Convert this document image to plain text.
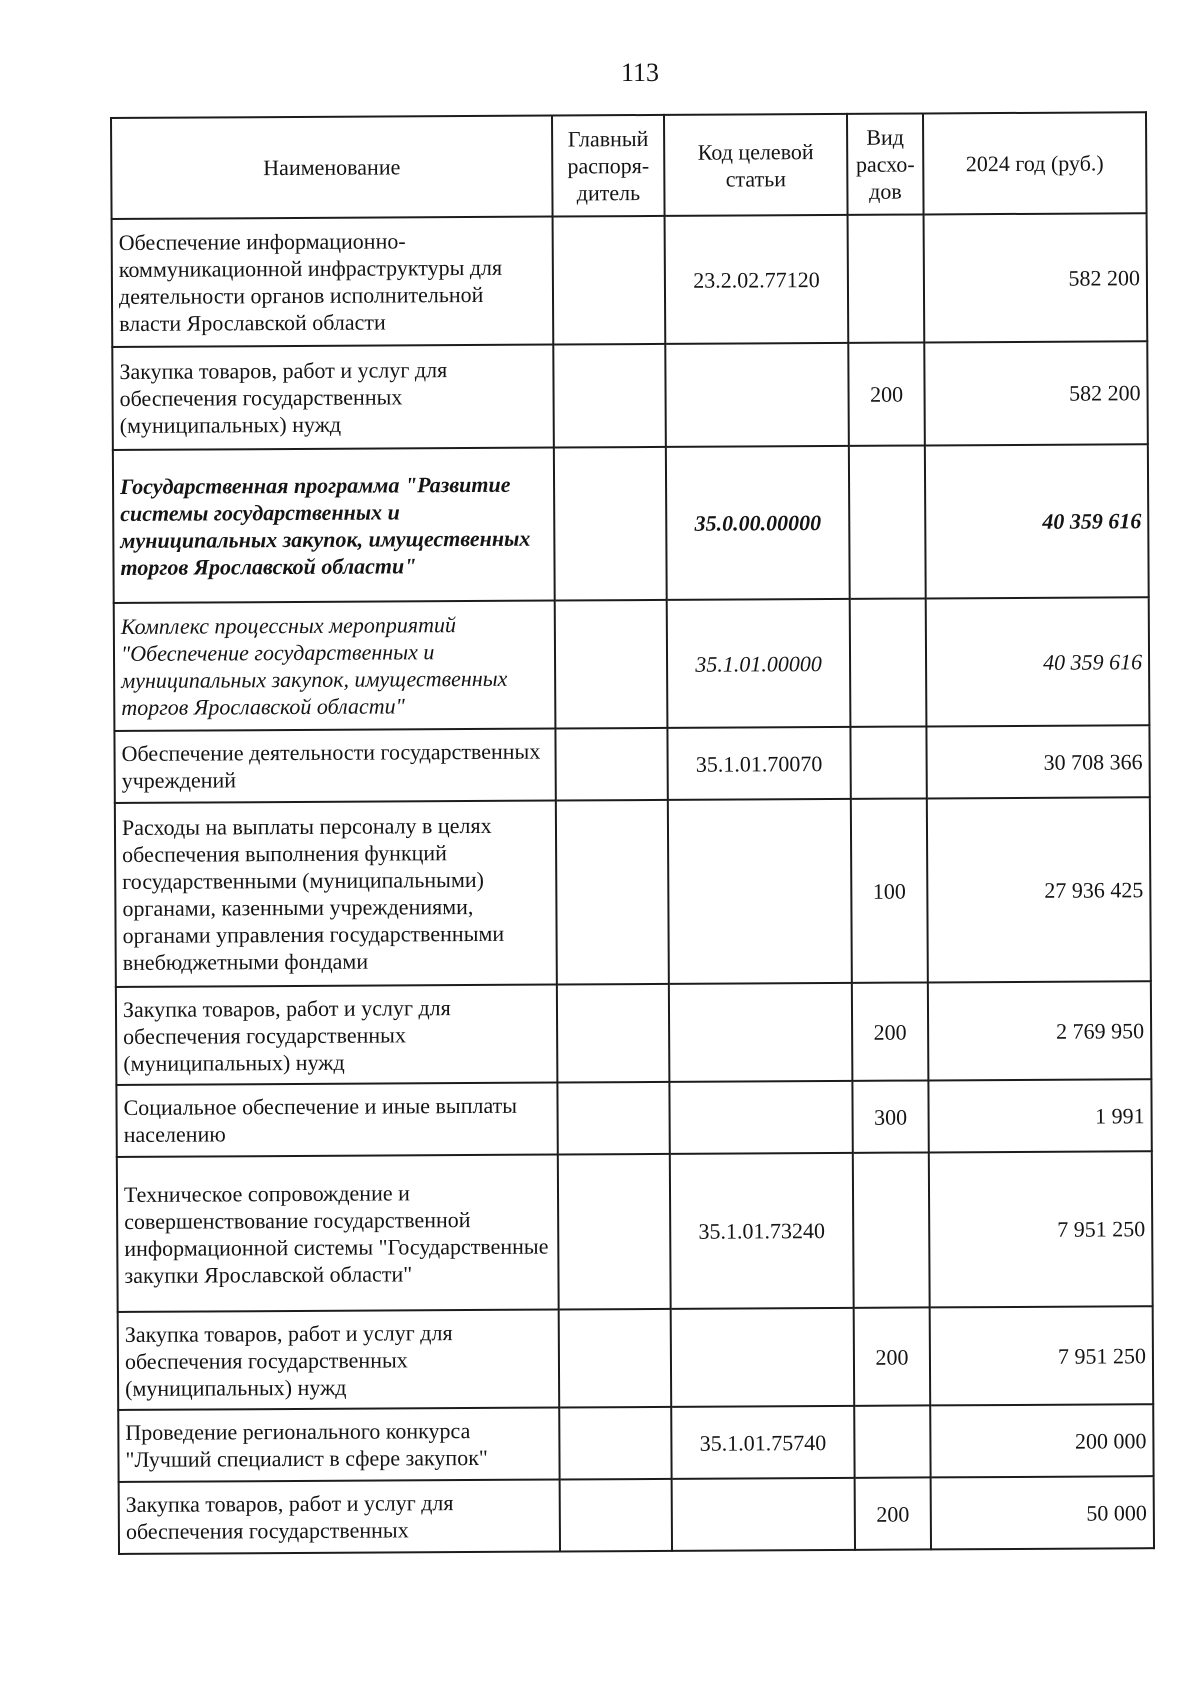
113
Наименование	Главный распоря-дитель	Код целевой статьи	Вид расхо-дов	2024 год (руб.)
Обеспечение информационно-коммуникационной инфраструктуры для деятельности органов исполнительной власти Ярославской области		23.2.02.77120		582 200
Закупка товаров, работ и услуг для обеспечения государственных (муниципальных) нужд			200	582 200
Государственная программа "Развитие системы государственных и муниципальных закупок, имущественных торгов Ярославской области"		35.0.00.00000		40 359 616
Комплекс процессных мероприятий "Обеспечение государственных и муниципальных закупок, имущественных торгов Ярославской области"		35.1.01.00000		40 359 616
Обеспечение деятельности государственных учреждений		35.1.01.70070		30 708 366
Расходы на выплаты персоналу в целях обеспечения выполнения функций государственными (муниципальными) органами, казенными учреждениями, органами управления государственными внебюджетными фондами			100	27 936 425
Закупка товаров, работ и услуг для обеспечения государственных (муниципальных) нужд			200	2 769 950
Социальное обеспечение и иные выплаты населению			300	1 991
Техническое сопровождение и совершенствование государственной информационной системы "Государственные закупки Ярославской области"		35.1.01.73240		7 951 250
Закупка товаров, работ и услуг для обеспечения государственных (муниципальных) нужд			200	7 951 250
Проведение регионального конкурса "Лучший специалист в сфере закупок"		35.1.01.75740		200 000
Закупка товаров, работ и услуг для обеспечения государственных			200	50 000
